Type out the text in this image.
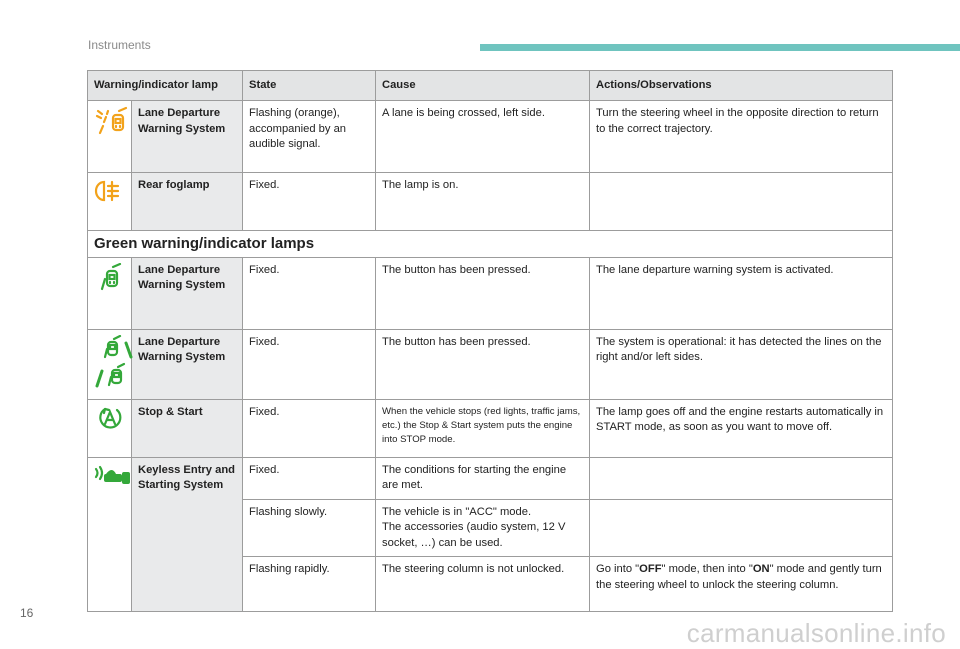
Instruments
Warning/indicator lamp		State	Cause	Actions/Observations

	Lane Departure Warning System	Flashing (orange), accompanied by an audible signal.	A lane is being crossed, left side.	Turn the steering wheel in the opposite direction to return to the correct trajectory.

	Rear foglamp	Fixed.	The lamp is on.	
Green warning/indicator lamps				

	Lane Departure Warning System	Fixed.	The button has been pressed.	The lane departure warning system is activated.

	Lane Departure Warning System	Fixed.	The button has been pressed.	The system is operational: it has detected the lines on the right and/or left sides.

	Stop & Start	Fixed.	When the vehicle stops (red lights, traffic jams, etc.) the Stop & Start system puts the engine into STOP mode.	The lamp goes off and the engine restarts automatically in START mode, as soon as you want to move off.

	Keyless Entry and Starting System	Fixed.	The conditions for starting the engine are met.	
		Flashing slowly.	The vehicle is in "ACC" mode.
The accessories (audio system, 12 V socket, …) can be used.	

		Flashing rapidly.	The steering column is not unlocked.	Go into "OFF" mode, then into "ON" mode and gently turn the steering wheel to unlock the steering column.
16
carmanualsonline.info
